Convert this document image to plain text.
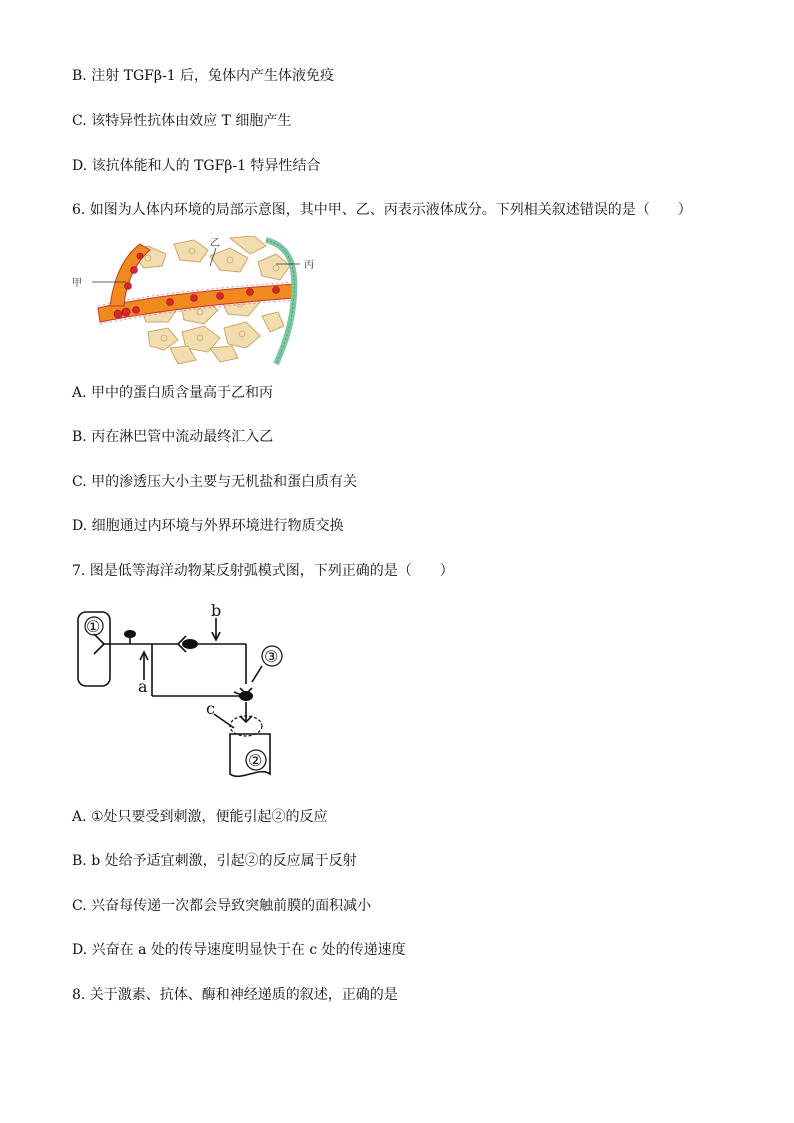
B. 注射 TGFβ-1 后，兔体内产生体液免疫
C. 该特异性抗体由效应 T 细胞产生
D. 该抗体能和人的 TGFβ-1 特异性结合
6. 如图为人体内环境的局部示意图，其中甲、乙、丙表示液体成分。下列相关叙述错误的是（　　）
甲
乙
丙
A. 甲中的蛋白质含量高于乙和丙
B. 丙在淋巴管中流动最终汇入乙
C. 甲的渗透压大小主要与无机盐和蛋白质有关
D. 细胞通过内环境与外界环境进行物质交换
7. 图是低等海洋动物某反射弧模式图，下列正确的是（　　）
①
③
②
a
b
c
A. ①处只要受到刺激，便能引起②的反应
B. b 处给予适宜刺激，引起②的反应属于反射
C. 兴奋每传递一次都会导致突触前膜的面积减小
D. 兴奋在 a 处的传导速度明显快于在 c 处的传递速度
8. 关于激素、抗体、酶和神经递质的叙述，正确的是
